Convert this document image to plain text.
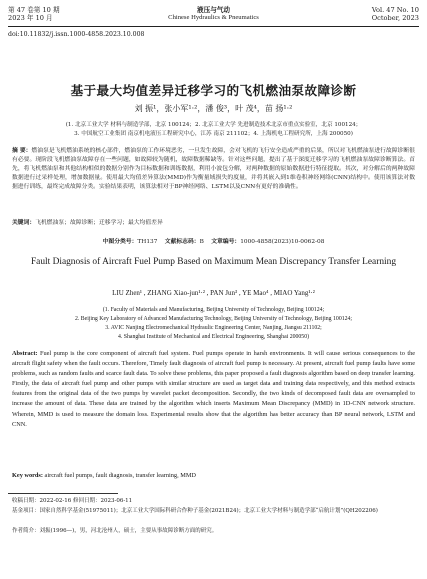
第 47 卷第 10 期
2023 年 10 月
液压与气动
Chinese Hydraulics & Pneumatics
Vol. 47 No. 10
October, 2023
doi:10.11832/j.issn.1000-4858.2023.10.008
基于最大均值差异迁移学习的飞机燃油泵故障诊断
刘 振¹，张小军¹·²，潘 俊³，叶 茂⁴，苗 扬¹·²
(1. 北京工业大学 材料与制造学部，北京 100124；2. 北京工业大学 先进制造技术北京市重点实验室，北京 100124；
3. 中国航空工业集团 南京机电液压工程研究中心，江苏 南京 211102；4. 上海机电工程研究所，上海 200050)
摘 要：燃油泵是飞机燃油系统的核心部件，燃油泵的工作环境恶劣，一旦发生故障，会对飞机的飞行安全造成严重的后果，所以对飞机燃油泵进行故障诊断很有必要。现阶段飞机燃油泵故障存在一些问题，如故障较为随机，故障数据稀缺等。针对这些问题，提出了基于深度迁移学习的飞机燃油泵故障诊断算法。首先，将飞机燃油泵和其他结构相似的数据分别作为目标数据和训练数据，利用小波包分解，对两种数据的原始数据进行特征提取。其次，对分解后的两种故障数据进行过采样处理，增加数据量。使用最大均值差异算法(MMD)作为衡量域损失的度量，并将其嵌入到1维卷积神经网络(CNN)结构中。使用该算法对数据进行训练，最终完成故障分类。实验结果表明，该算法相对于BP神经网络、LSTM以及CNN有更好的准确性。
关键词：飞机燃油泵；故障诊断；迁移学习；最大均值差异
中图分类号：TH137 文献标志码：B 文章编号：1000-4858(2023)10-0062-08
Fault Diagnosis of Aircraft Fuel Pump Based on Maximum Mean Discrepancy Transfer Learning
LIU Zhen¹ , ZHANG Xiao-jun¹·² , PAN Jun³ , YE Mao⁴ , MIAO Yang¹·²
(1. Faculty of Materials and Manufacturing, Beijing University of Technology, Beijing 100124;
2. Beijing Key Laboratory of Advanced Manufacturing Technology, Beijing University of Technology, Beijing 100124;
3. AVIC Nanjing Electromechanical Hydraulic Engineering Center, Nanjing, Jiangsu 211102;
4. Shanghai Institute of Mechanical and Electrical Engineering, Shanghai 200050)
Abstract: Fuel pump is the core component of aircraft fuel system. Fuel pumps operate in harsh environments. It will cause serious consequences to the aircraft flight safety when the fault occurs. Therefore, Timely fault diagnosis of aircraft fuel pump is necessary. At present, aircraft fuel pump faults have some problems, such as random faults and scarce fault data. To solve these problems, this paper proposed a fault diagnosis algorithm based on deep transfer learning. Firstly, the data of aircraft fuel pump and other pumps with similar structure are used as target data and training data respectively, and this method extracts features from the original data of the two pumps by wavelet packet decomposition. Secondly, the two kinds of decomposed fault data are oversampled to increase the amount of data. These data are trained by the algorithm which inserts Maximum Mean Discrepancy (MMD) in 1D-CNN network structure. Wherein, MMD is used to measure the domain loss. Experimental results show that the algorithm has better accuracy than BP neural network, LSTM and CNN.
Key words: aircraft fuel pumps, fault diagnosis, transfer learning, MMD
收稿日期：2022-02-16 修回日期：2023-06-11
基金项目：国家自然科学基金(51975011)；北京工业大学国际科研合作种子基金(2021B24)；北京工业大学材料与制造学部“启航计划”(QH202206)
作者简介：刘振(1996—)，男，河北沧州人，硕士，主要从事故障诊断方面的研究。
